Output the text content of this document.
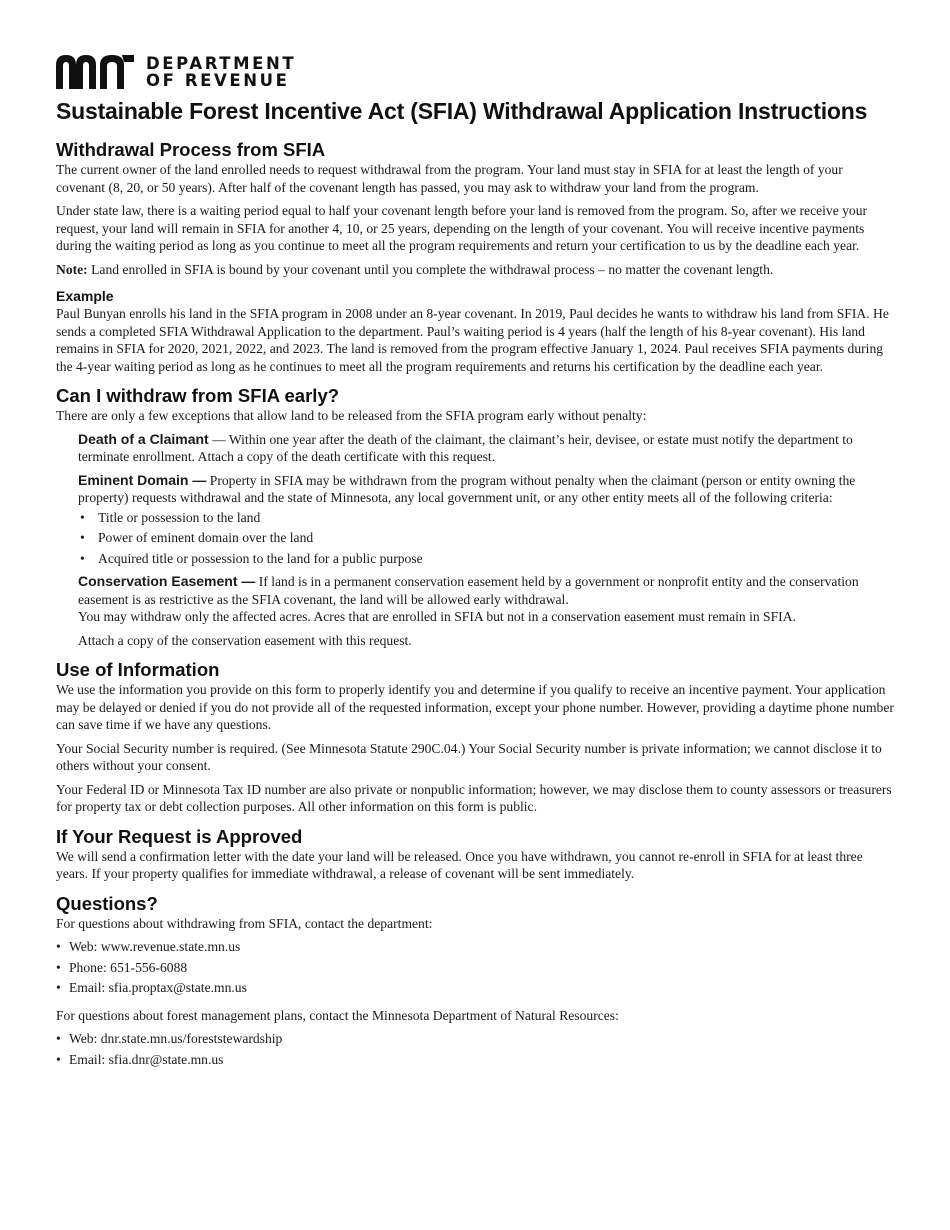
DEPARTMENT
OF REVENUE
Sustainable Forest Incentive Act (SFIA) Withdrawal Application Instructions
Withdrawal Process from SFIA

The current owner of the land enrolled needs to request withdrawal from the program. Your land must stay in SFIA for at least the length of your covenant (8, 20, or 50 years). After half of the covenant length has passed, you may ask to withdraw your land from the program.

Under state law, there is a waiting period equal to half your covenant length before your land is removed from the program. So, after we receive your request, your land will remain in SFIA for another 4, 10, or 25 years, depending on the length of your covenant. You will receive incentive payments during the waiting period as long as you continue to meet all the program requirements and return your certification to us by the deadline each year.

Note: Land enrolled in SFIA is bound by your covenant until you complete the withdrawal process – no matter the covenant length.

Example

Paul Bunyan enrolls his land in the SFIA program in 2008 under an 8-year covenant. In 2019, Paul decides he wants to withdraw his land from SFIA. He sends a completed SFIA Withdrawal Application to the department. Paul’s waiting period is 4 years (half the length of his 8-year covenant). His land remains in SFIA for 2020, 2021, 2022, and 2023. The land is removed from the program effective January 1, 2024. Paul receives SFIA payments during the 4-year waiting period as long as he continues to meet all the program requirements and returns his certification by the deadline each year.

Can I withdraw from SFIA early?

There are only a few exceptions that allow land to be released from the SFIA program early without penalty:

Death of a Claimant — Within one year after the death of the claimant, the claimant’s heir, devisee, or estate must notify the department to terminate enrollment. Attach a copy of the death certificate with this request.

Eminent Domain — Property in SFIA may be withdrawn from the program without penalty when the claimant (person or entity owning the property) requests withdrawal and the state of Minnesota, any local government unit, or any other entity meets all of the following criteria:

• Title or possession to the land
• Power of eminent domain over the land
• Acquired title or possession to the land for a public purpose

Conservation Easement — If land is in a permanent conservation easement held by a government or nonprofit entity and the conservation easement is as restrictive as the SFIA covenant, the land will be allowed early withdrawal.

You may withdraw only the affected acres. Acres that are enrolled in SFIA but not in a conservation easement must remain in SFIA.

Attach a copy of the conservation easement with this request.

Use of Information

We use the information you provide on this form to properly identify you and determine if you qualify to receive an incentive payment. Your application may be delayed or denied if you do not provide all of the requested information, except your phone number. However, providing a daytime phone number can save time if we have any questions.

Your Social Security number is required. (See Minnesota Statute 290C.04.) Your Social Security number is private information; we cannot disclose it to others without your consent.

Your Federal ID or Minnesota Tax ID number are also private or nonpublic information; however, we may disclose them to county assessors or treasurers for property tax or debt collection purposes. All other information on this form is public.

If Your Request is Approved

We will send a confirmation letter with the date your land will be released. Once you have withdrawn, you cannot re-enroll in SFIA for at least three years. If your property qualifies for immediate withdrawal, a release of covenant will be sent immediately.

Questions?

For questions about withdrawing from SFIA, contact the department:

• Web: www.revenue.state.mn.us
• Phone: 651-556-6088
• Email: sfia.proptax@state.mn.us

For questions about forest management plans, contact the Minnesota Department of Natural Resources:

• Web: dnr.state.mn.us/foreststewardship
• Email: sfia.dnr@state.mn.us
